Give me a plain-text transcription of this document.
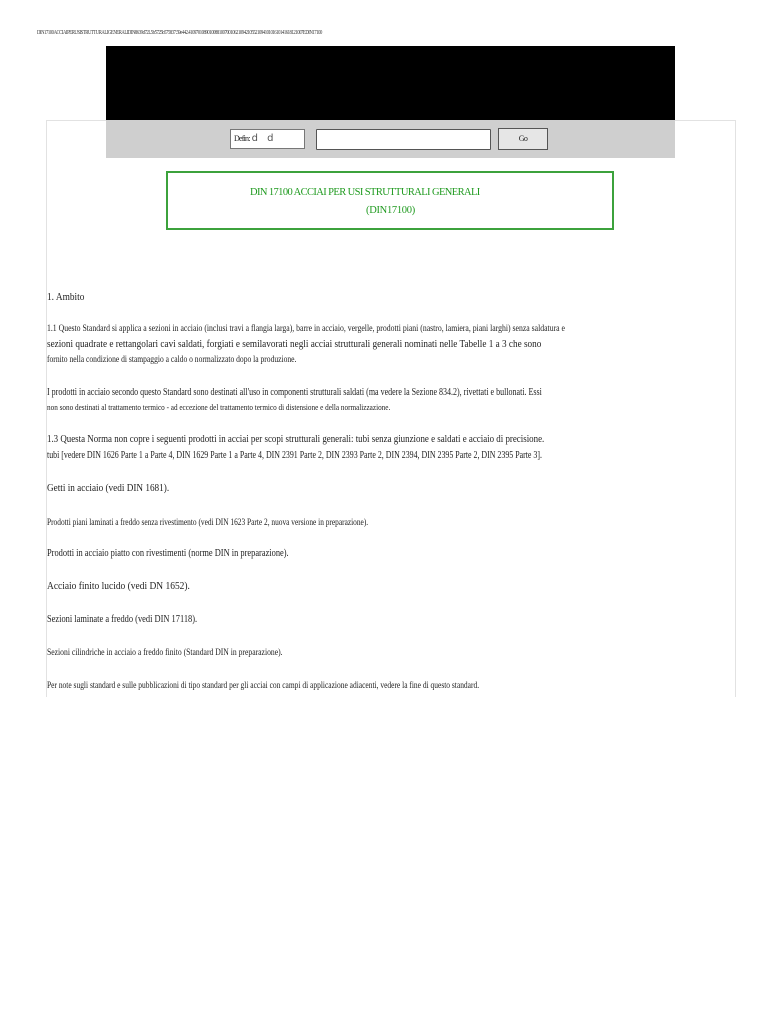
DIN17100ACCIAIPERUSISTRUTTURALIGENERALIDIN8639d72L5b5725b575837.59e442.410970108901008810070010621094210552109410101610141618121007EDIN17100
Defin: d d	Go
DIN 17100 ACCIAI PER USI STRUTTURALI GENERALI
(DIN17100)
1. Ambito
1.1 Questo Standard si applica a sezioni in acciaio (inclusi travi a flangia larga), barre in acciaio, vergelle, prodotti piani (nastro, lamiera, piani larghi) senza saldatura e
sezioni quadrate e rettangolari cavi saldati, forgiati e semilavorati negli acciai strutturali generali nominati nelle Tabelle 1 a 3 che sono
fornito nella condizione di stampaggio a caldo o normalizzato dopo la produzione.
I prodotti in acciaio secondo questo Standard sono destinati all'uso in componenti strutturali saldati (ma vedere la Sezione 834.2), rivettati e bullonati. Essi
non sono destinati al trattamento termico - ad eccezione del trattamento termico di distensione e della normalizzazione.
1.3 Questa Norma non copre i seguenti prodotti in acciai per scopi strutturali generali: tubi senza giunzione e saldati e acciaio di precisione.
tubi [vedere DIN 1626 Parte 1 a Parte 4, DIN 1629 Parte 1 a Parte 4, DIN 2391 Parte 2, DIN 2393 Parte 2, DIN 2394, DIN 2395 Parte 2, DIN 2395 Parte 3].
Getti in acciaio (vedi DIN 1681).
Prodotti piani laminati a freddo senza rivestimento (vedi DIN 1623 Parte 2, nuova versione in preparazione).
Prodotti in acciaio piatto con rivestimenti (norme DIN in preparazione).
Acciaio finito lucido (vedi DN 1652).
Sezioni laminate a freddo (vedi DIN 17118).
Sezioni cilindriche in acciaio a freddo finito (Standard DIN in preparazione).
Per note sugli standard e sulle pubblicazioni di tipo standard per gli acciai con campi di applicazione adiacenti, vedere la fine di questo standard.
